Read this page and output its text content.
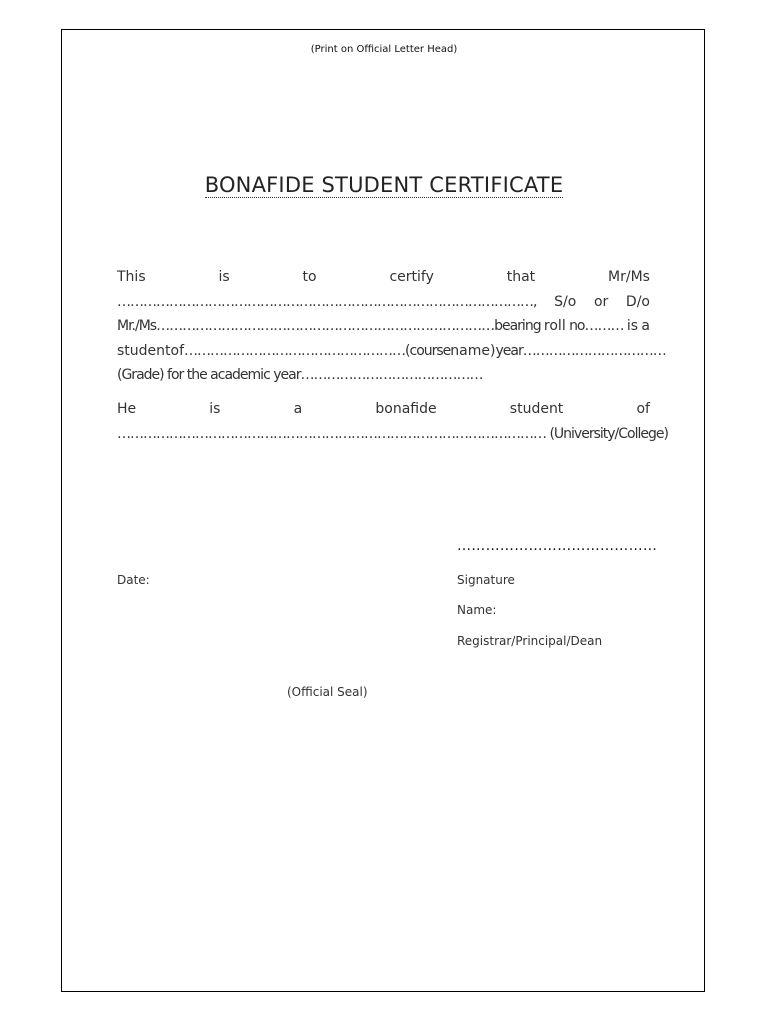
(Print on Official Letter Head)
BONAFIDE STUDENT CERTIFICATE
This	is	to	certify	that	Mr/Ms
……………………………………………………………………………………, S/o or D/o
Mr./Ms……………………………………………………………………bearing roll no……… is a
student of ……………………………………………(course name) year……………………………
(Grade) for the academic year……………………………………
He	is	a	bonafide	student	of
……………………………………………………………………………………… (University/College)
……………………………………
Date:	Signature
Name:
Registrar/Principal/Dean
(Official Seal)
